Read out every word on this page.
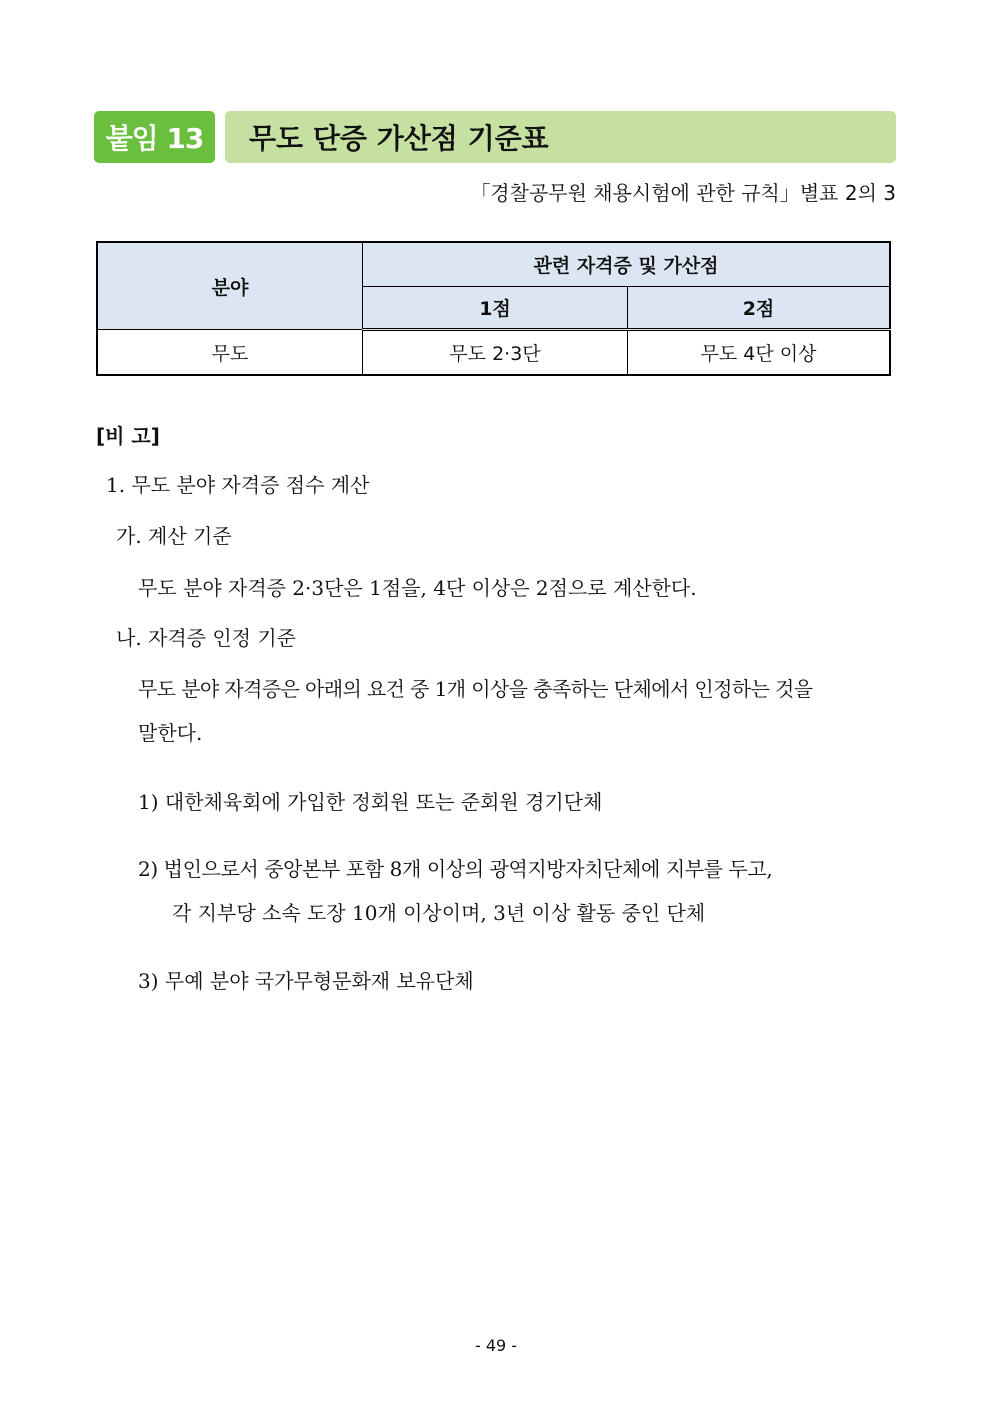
붙임 13	무도 단증 가산점 기준표
「경찰공무원 채용시험에 관한 규칙」별표 2의 3
분야	관련 자격증 및 가산점	
	1점	2점
무도	무도 2·3단	무도 4단 이상
[비 고]
1. 무도 분야 자격증 점수 계산
가. 계산 기준
무도 분야 자격증 2·3단은 1점을, 4단 이상은 2점으로 계산한다.
나. 자격증 인정 기준
무도 분야 자격증은 아래의 요건 중 1개 이상을 충족하는 단체에서 인정하는 것을
말한다.
1) 대한체육회에 가입한 정회원 또는 준회원 경기단체
2) 법인으로서 중앙본부 포함 8개 이상의 광역지방자치단체에 지부를 두고,
각 지부당 소속 도장 10개 이상이며, 3년 이상 활동 중인 단체
3) 무예 분야 국가무형문화재 보유단체
- 49 -
